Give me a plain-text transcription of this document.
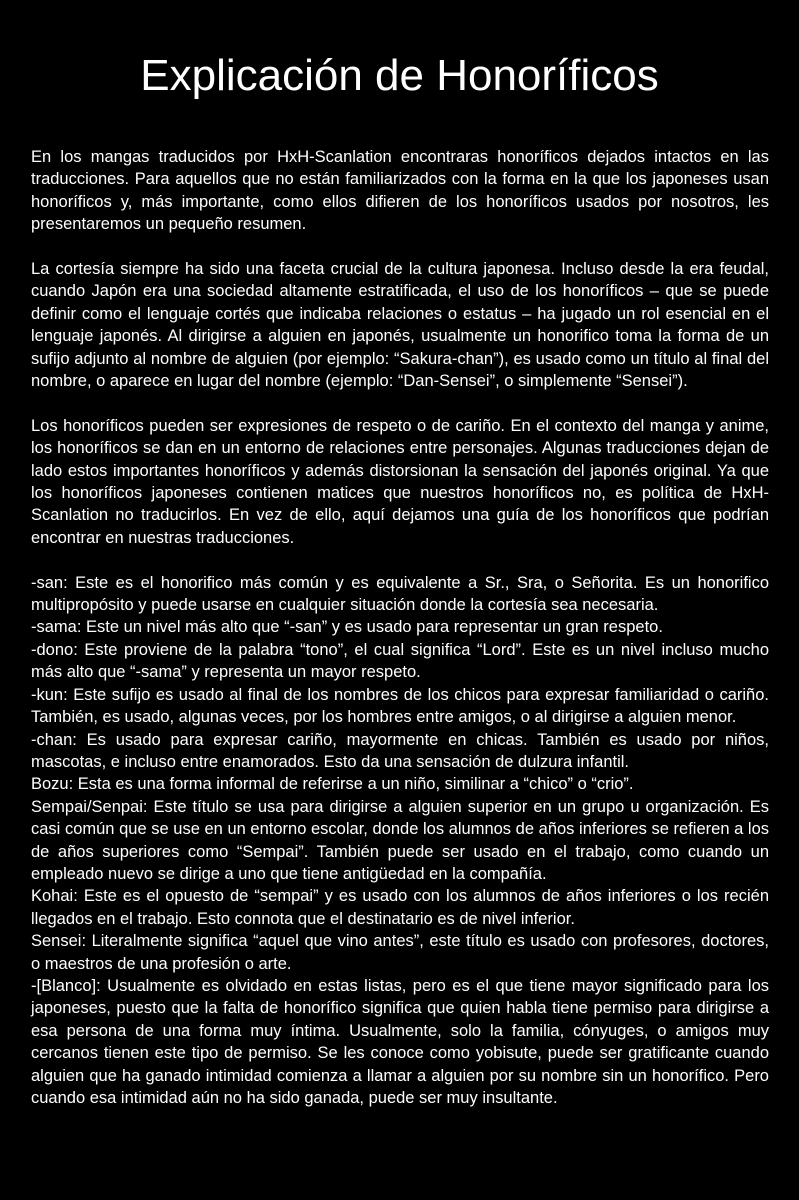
Explicación de Honoríficos

En los mangas traducidos por HxH-Scanlation encontraras honoríficos dejados intactos en las traducciones. Para aquellos que no están familiarizados con la forma en la que los japoneses usan honoríficos y, más importante, como ellos difieren de los honoríficos usados por nosotros, les presentaremos un pequeño resumen.

La cortesía siempre ha sido una faceta crucial de la cultura japonesa. Incluso desde la era feudal, cuando Japón era una sociedad altamente estratificada, el uso de los honoríficos – que se puede definir como el lenguaje cortés que indicaba relaciones o estatus – ha jugado un rol esencial en el lenguaje japonés. Al dirigirse a alguien en japonés, usualmente un honorifico toma la forma de un sufijo adjunto al nombre de alguien (por ejemplo: “Sakura-chan”), es usado como un título al final del nombre, o aparece en lugar del nombre (ejemplo: “Dan-Sensei”, o simplemente “Sensei”).

Los honoríficos pueden ser expresiones de respeto o de cariño. En el contexto del manga y anime, los honoríficos se dan en un entorno de relaciones entre personajes. Algunas traducciones dejan de lado estos importantes honoríficos y además distorsionan la sensación del japonés original. Ya que los honoríficos japoneses contienen matices que nuestros honoríficos no, es política de HxH-Scanlation no traducirlos. En vez de ello, aquí dejamos una guía de los honoríficos que podrían encontrar en nuestras traducciones.

-san: Este es el honorifico más común y es equivalente a Sr., Sra, o Señorita. Es un honorifico multipropósito y puede usarse en cualquier situación donde la cortesía sea necesaria.
-sama: Este un nivel más alto que “-san” y es usado para representar un gran respeto.
-dono: Este proviene de la palabra “tono”, el cual significa “Lord”. Este es un nivel incluso mucho más alto que “-sama” y representa un mayor respeto.
-kun: Este sufijo es usado al final de los nombres de los chicos para expresar familiaridad o cariño. También, es usado, algunas veces, por los hombres entre amigos, o al dirigirse a alguien menor.
-chan: Es usado para expresar cariño, mayormente en chicas. También es usado por niños, mascotas, e incluso entre enamorados. Esto da una sensación de dulzura infantil.
Bozu: Esta es una forma informal de referirse a un niño, similinar a “chico” o “crio”.
Sempai/Senpai: Este título se usa para dirigirse a alguien superior en un grupo u organización. Es casi común que se use en un entorno escolar, donde los alumnos de años inferiores se refieren a los de años superiores como “Sempai”. También puede ser usado en el trabajo, como cuando un empleado nuevo se dirige a uno que tiene antigüedad en la compañía.
Kohai: Este es el opuesto de “sempai” y es usado con los alumnos de años inferiores o los recién llegados en el trabajo. Esto connota que el destinatario es de nivel inferior.
Sensei: Literalmente significa “aquel que vino antes”, este título es usado con profesores, doctores, o maestros de una profesión o arte.
-[Blanco]: Usualmente es olvidado en estas listas, pero es el que tiene mayor significado para los japoneses, puesto que la falta de honorífico significa que quien habla tiene permiso para dirigirse a esa persona de una forma muy íntima. Usualmente, solo la familia, cónyuges, o amigos muy cercanos tienen este tipo de permiso. Se les conoce como yobisute, puede ser gratificante cuando alguien que ha ganado intimidad comienza a llamar a alguien por su nombre sin un honorífico. Pero cuando esa intimidad aún no ha sido ganada, puede ser muy insultante.
